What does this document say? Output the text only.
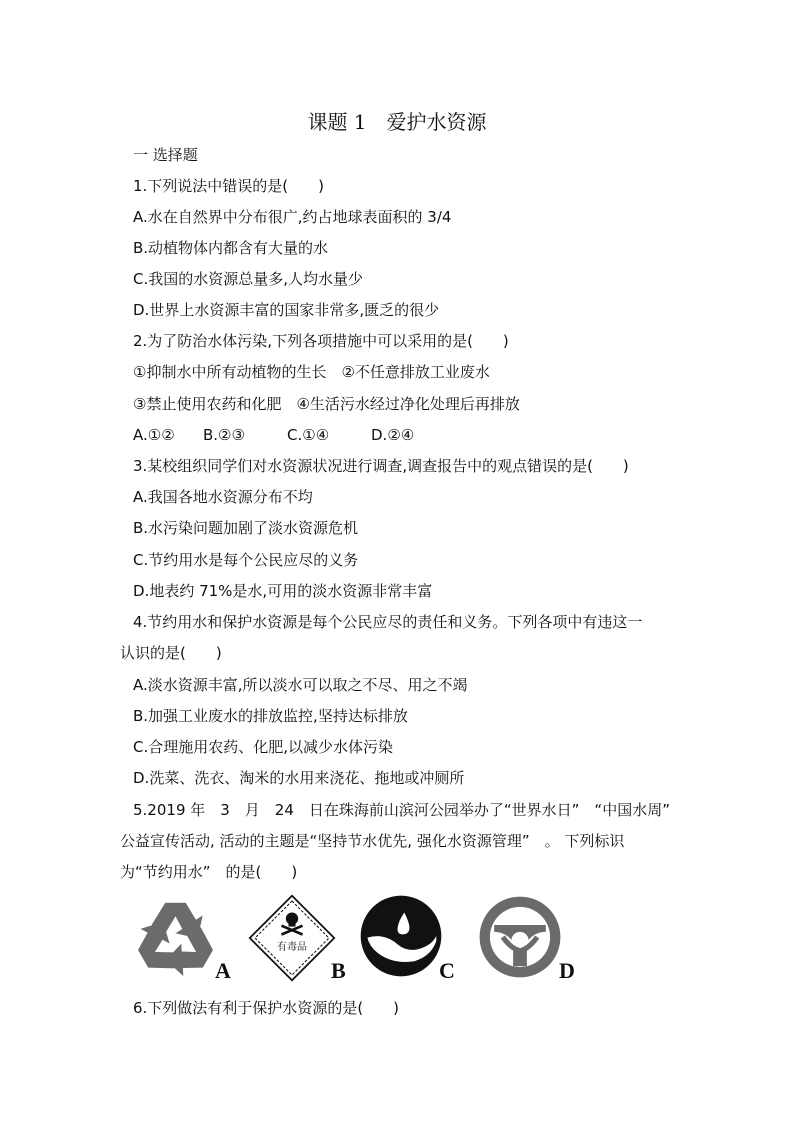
课题 1　爱护水资源
一 选择题
1.下列说法中错误的是(　　)
A.水在自然界中分布很广,约占地球表面积的 3/4
B.动植物体内都含有大量的水
C.我国的水资源总量多,人均水量少
D.世界上水资源丰富的国家非常多,匮乏的很少
2.为了防治水体污染,下列各项措施中可以采用的是(　　)
①抑制水中所有动植物的生长　②不任意排放工业废水
③禁止使用农药和化肥　④生活污水经过净化处理后再排放
A.①② B.②③	C.①④	D.②④
3.某校组织同学们对水资源状况进行调查,调查报告中的观点错误的是(　　)
A.我国各地水资源分布不均
B.水污染问题加剧了淡水资源危机
C.节约用水是每个公民应尽的义务
D.地表约 71%是水,可用的淡水资源非常丰富
4.节约用水和保护水资源是每个公民应尽的责任和义务。下列各项中有违这一
认识的是(　　)
A.淡水资源丰富,所以淡水可以取之不尽、用之不竭
B.加强工业废水的排放监控,坚持达标排放
C.合理施用农药、化肥,以减少水体污染
D.洗菜、洗衣、淘米的水用来浇花、拖地或冲厕所
5.2019 年　3　月　24　日在珠海前山滨河公园举办了“世界水日”　“中国水周”
公益宣传活动, 活动的主题是“坚持节水优先, 强化水资源管理”　。 下列标识
为“节约用水”　的是(　　)
A
有毒品
B	C	D
6.下列做法有利于保护水资源的是(　　)
